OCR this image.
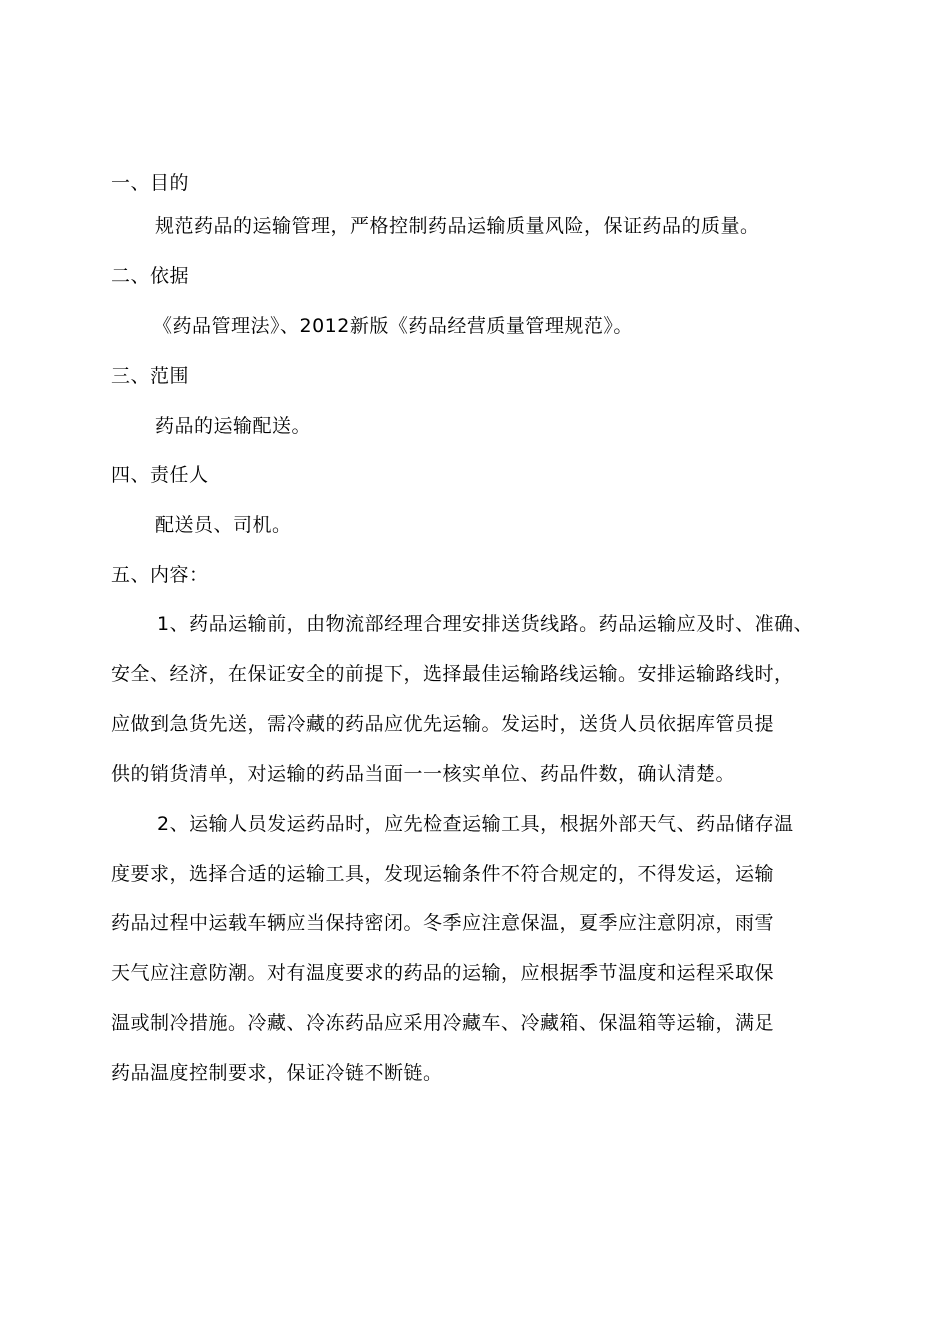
一、目的
规范药品的运输管理，严格控制药品运输质量风险，保证药品的质量。
二、依据
《药品管理法》、2012新版《药品经营质量管理规范》。
三、范围
药品的运输配送。
四、责任人
配送员、司机。
五、内容：
1、药品运输前，由物流部经理合理安排送货线路。药品运输应及时、准确、
安全、经济，在保证安全的前提下，选择最佳运输路线运输。安排运输路线时，
应做到急货先送，需冷藏的药品应优先运输。发运时，送货人员依据库管员提
供的销货清单，对运输的药品当面一一核实单位、药品件数，确认清楚。
2、运输人员发运药品时，应先检查运输工具，根据外部天气、药品储存温
度要求，选择合适的运输工具，发现运输条件不符合规定的，不得发运，运输
药品过程中运载车辆应当保持密闭。冬季应注意保温，夏季应注意阴凉，雨雪
天气应注意防潮。对有温度要求的药品的运输，应根据季节温度和运程采取保
温或制冷措施。冷藏、冷冻药品应采用冷藏车、冷藏箱、保温箱等运输，满足
药品温度控制要求，保证冷链不断链。
